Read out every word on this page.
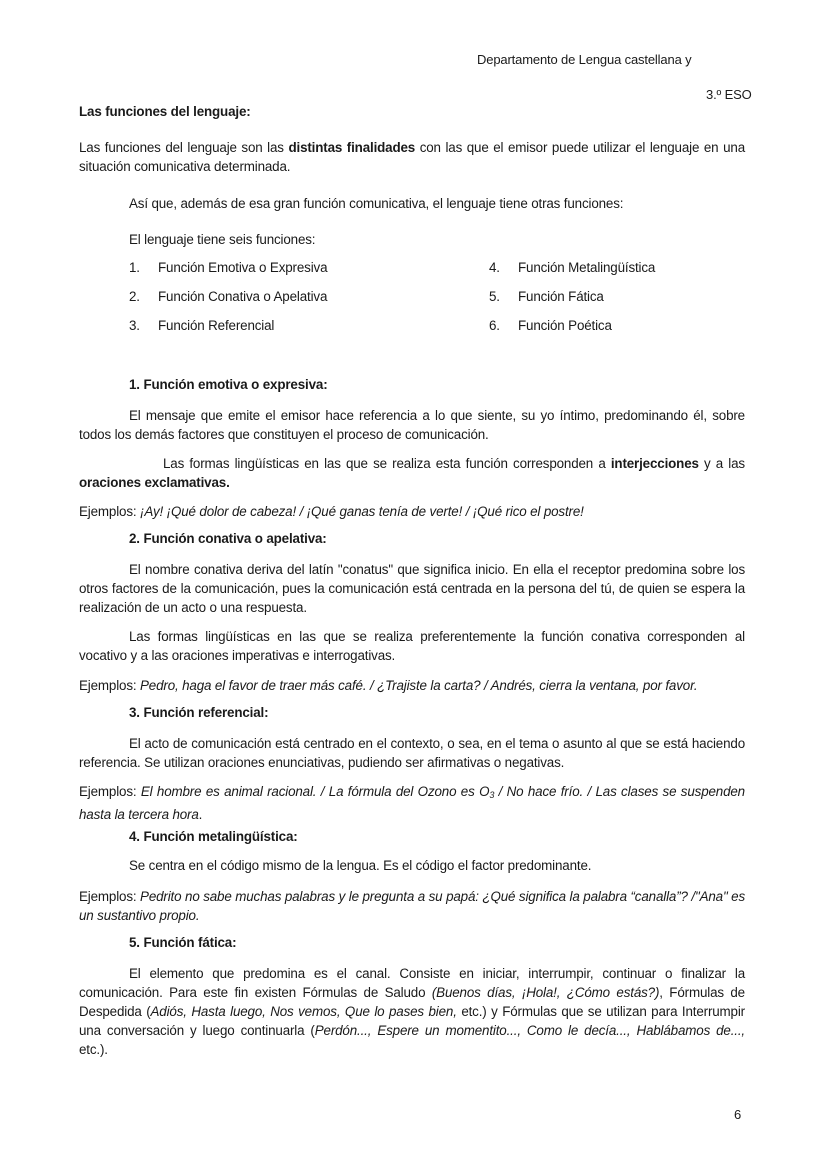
Departamento de Lengua castellana y
3.º ESO
Las funciones del lenguaje:
Las funciones del lenguaje son las distintas finalidades con las que el emisor puede utilizar el lenguaje en una situación comunicativa determinada.
Así que, además de esa gran función comunicativa, el lenguaje tiene otras funciones:
El lenguaje tiene seis funciones:
1. Función Emotiva o Expresiva
2. Función Conativa o Apelativa
3. Función Referencial
4. Función Metalingüística
5. Función Fática
6. Función Poética
1. Función emotiva o expresiva:
El mensaje que emite el emisor hace referencia a lo que siente, su yo íntimo, predominando él, sobre todos los demás factores que constituyen el proceso de comunicación.
Las formas lingüísticas en las que se realiza esta función corresponden a interjecciones y a las oraciones exclamativas.
Ejemplos: ¡Ay! ¡Qué dolor de cabeza! / ¡Qué ganas tenía de verte! / ¡Qué rico el postre!
2. Función conativa o apelativa:
El nombre conativa deriva del latín "conatus" que significa inicio. En ella el receptor predomina sobre los otros factores de la comunicación, pues la comunicación está centrada en la persona del tú, de quien se espera la realización de un acto o una respuesta.
Las formas lingüísticas en las que se realiza preferentemente la función conativa corresponden al vocativo y a las oraciones imperativas e interrogativas.
Ejemplos: Pedro, haga el favor de traer más café. / ¿Trajiste la carta? / Andrés, cierra la ventana, por favor.
3. Función referencial:
El acto de comunicación está centrado en el contexto, o sea, en el tema o asunto al que se está haciendo referencia. Se utilizan oraciones enunciativas, pudiendo ser afirmativas o negativas.
Ejemplos: El hombre es animal racional. / La fórmula del Ozono es $O_3$ / No hace frío. / Las clases se suspenden hasta la tercera hora.
4. Función metalingüística:
Se centra en el código mismo de la lengua. Es el código el factor predominante.
Ejemplos: Pedrito no sabe muchas palabras y le pregunta a su papá: ¿Qué significa la palabra “canalla”? /"Ana" es un sustantivo propio.
5. Función fática:
El elemento que predomina es el canal. Consiste en iniciar, interrumpir, continuar o finalizar la comunicación. Para este fin existen Fórmulas de Saludo (Buenos días, ¡Hola!, ¿Cómo estás?), Fórmulas de Despedida (Adiós, Hasta luego, Nos vemos, Que lo pases bien, etc.) y Fórmulas que se utilizan para Interrumpir una conversación y luego continuarla (Perdón..., Espere un momentito..., Como le decía..., Hablábamos de..., etc.).
6
